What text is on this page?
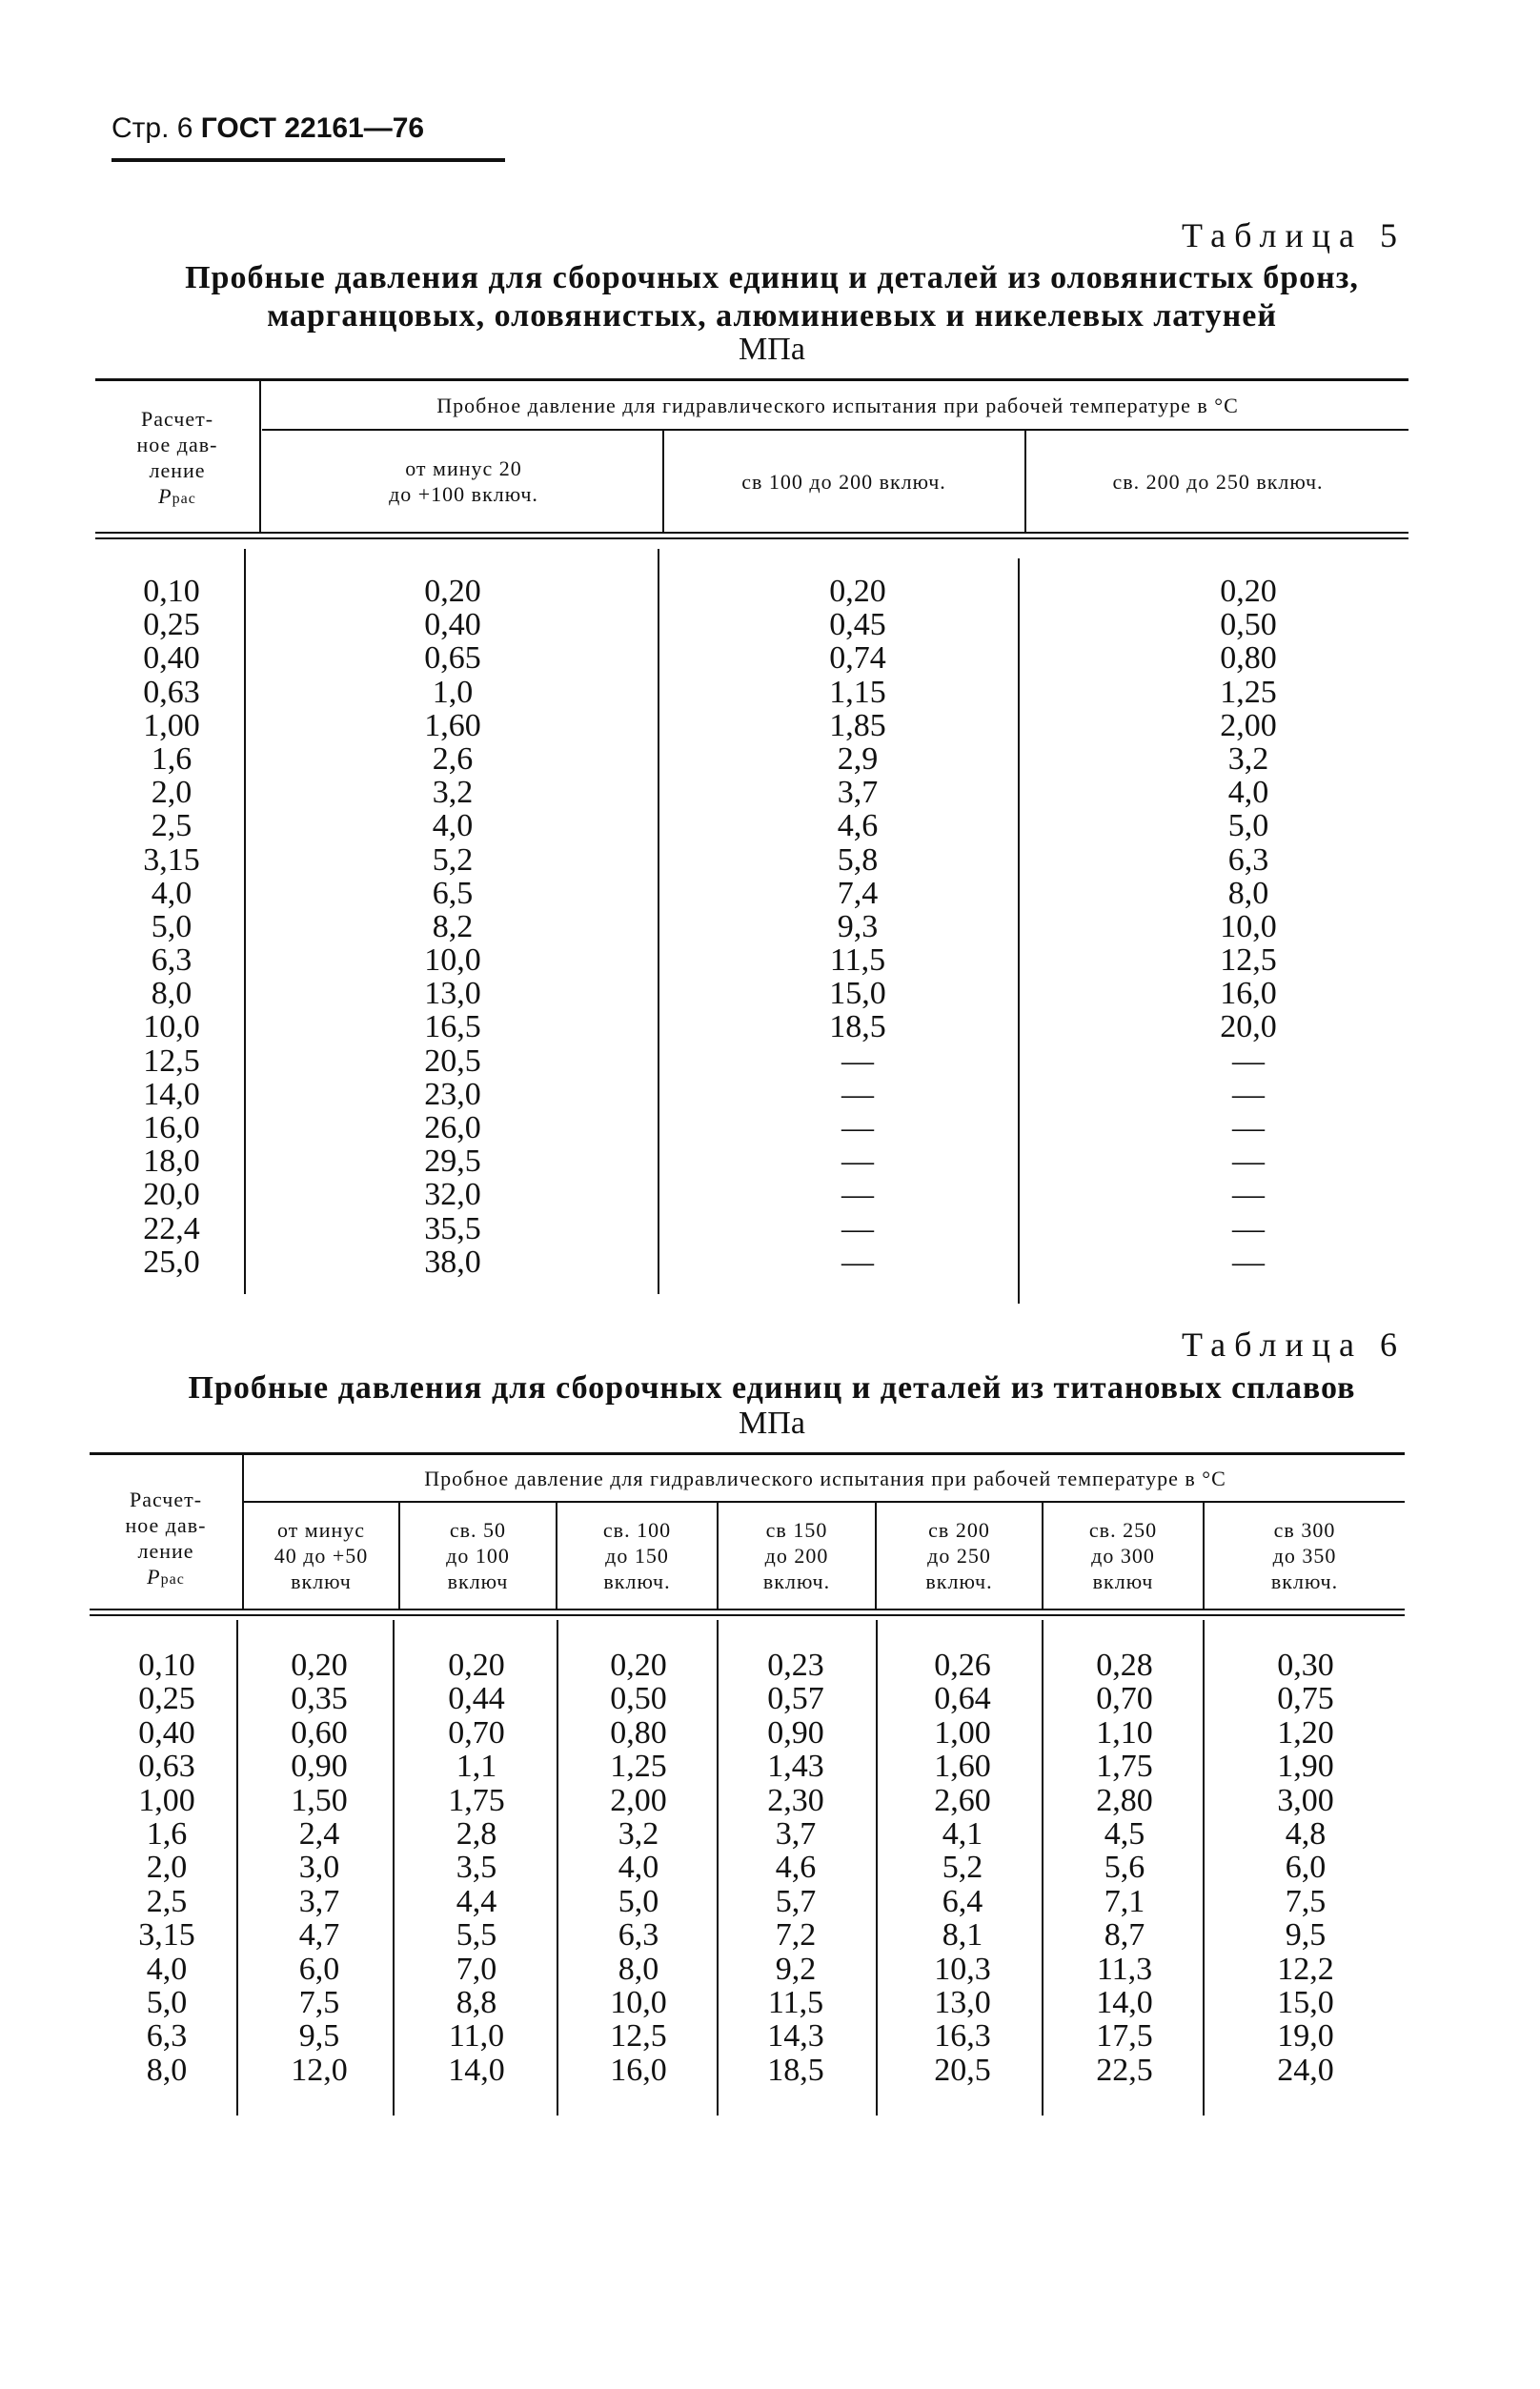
Стр. 6 ГОСТ 22161—76
Таблица 5
Пробные давления для сборочных единиц и деталей из оловянистых бронз,
марганцовых, оловянистых, алюминиевых и никелевых латуней
МПа
Расчет-
ное дав-
ление
Pрас
Пробное давление для гидравлического испытания при рабочей температуре в °С
от минус 20
до +100 включ.
св 100 до 200 включ.	св. 200 до 250 включ.
0,10
0,25
0,40
0,63
1,00
1,6
2,0
2,5
3,15
4,0
5,0
6,3
8,0
10,0
12,5
14,0
16,0
18,0
20,0
22,4
25,0
0,20
0,40
0,65
1,0
1,60
2,6
3,2
4,0
5,2
6,5
8,2
10,0
13,0
16,5
20,5
23,0
26,0
29,5
32,0
35,5
38,0
0,20
0,45
0,74
1,15
1,85
2,9
3,7
4,6
5,8
7,4
9,3
11,5
15,0
18,5
—
—
—
—
—
—
—
0,20
0,50
0,80
1,25
2,00
3,2
4,0
5,0
6,3
8,0
10,0
12,5
16,0
20,0
—
—
—
—
—
—
—
Таблица 6
Пробные давления для сборочных единиц и деталей из титановых сплавов
МПа
Расчет-
ное дав-
ление
Pрас
Пробное давление для гидравлического испытания при рабочей температуре в °С
от минус
40 до +50
включ
св. 50
до 100
включ
св. 100
до 150
включ.
св 150
до 200
включ.
св 200
до 250
включ.
св. 250
до 300
включ
св 300
до 350
включ.
0,10
0,25
0,40
0,63
1,00
1,6
2,0
2,5
3,15
4,0
5,0
6,3
8,0
0,20
0,35
0,60
0,90
1,50
2,4
3,0
3,7
4,7
6,0
7,5
9,5
12,0
0,20
0,44
0,70
1,1
1,75
2,8
3,5
4,4
5,5
7,0
8,8
11,0
14,0
0,20
0,50
0,80
1,25
2,00
3,2
4,0
5,0
6,3
8,0
10,0
12,5
16,0
0,23
0,57
0,90
1,43
2,30
3,7
4,6
5,7
7,2
9,2
11,5
14,3
18,5
0,26
0,64
1,00
1,60
2,60
4,1
5,2
6,4
8,1
10,3
13,0
16,3
20,5
0,28
0,70
1,10
1,75
2,80
4,5
5,6
7,1
8,7
11,3
14,0
17,5
22,5
0,30
0,75
1,20
1,90
3,00
4,8
6,0
7,5
9,5
12,2
15,0
19,0
24,0
